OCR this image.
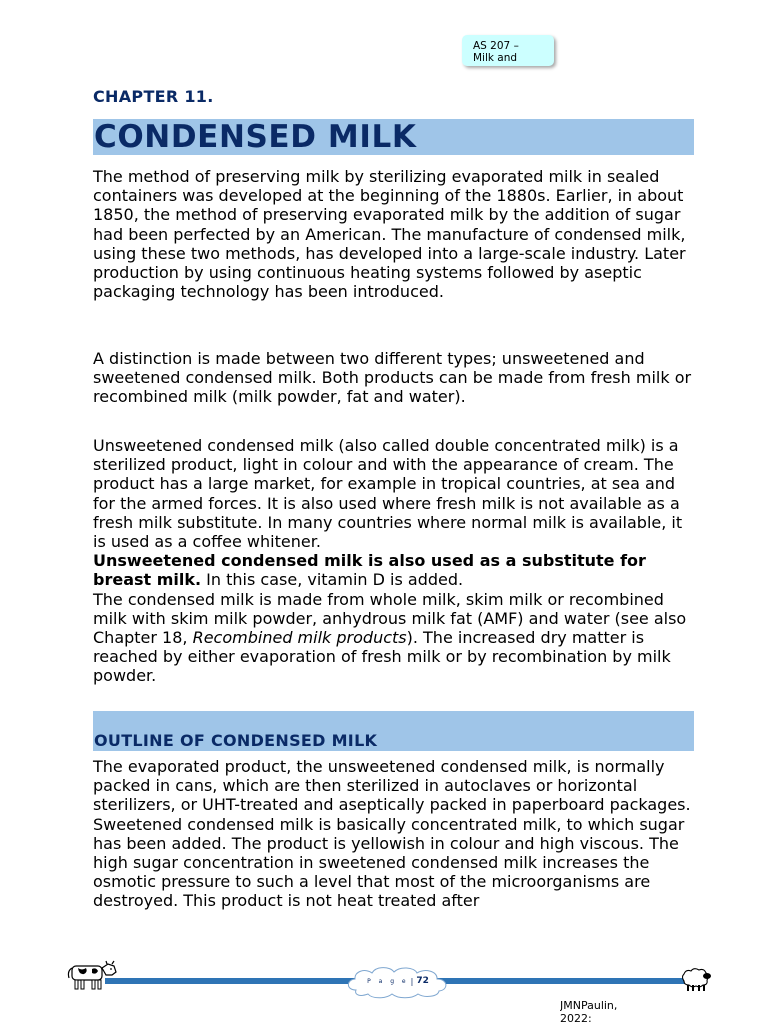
AS 207 –
Milk and
CHAPTER 11.
CONDENSED MILK

The method of preserving milk by sterilizing evaporated milk in sealed containers was developed at the beginning of the 1880s. Earlier, in about 1850, the method of preserving evaporated milk by the addition of sugar had been perfected by an American. The manufacture of condensed milk, using these two methods, has developed into a large-scale industry. Later production by using continuous heating systems followed by aseptic packaging technology has been introduced.

A distinction is made between two different types; unsweetened and sweetened condensed milk. Both products can be made from fresh milk or recombined milk (milk powder, fat and water).

Unsweetened condensed milk (also called double concentrated milk) is a sterilized product, light in colour and with the appearance of cream. The product has a large market, for example in tropical countries, at sea and for the armed forces. It is also used where fresh milk is not available as a fresh milk substitute. In many countries where normal milk is available, it is used as a coffee whitener.

Unsweetened condensed milk is also used as a substitute for breast milk. In this case, vitamin D is added.

The condensed milk is made from whole milk, skim milk or recombined milk with skim milk powder, anhydrous milk fat (AMF) and water (see also Chapter 18, Recombined milk products). The increased dry matter is reached by either evaporation of fresh milk or by recombination by milk powder.

OUTLINE OF CONDENSED MILK

The evaporated product, the unsweetened condensed milk, is normally packed in cans, which are then sterilized in autoclaves or horizontal sterilizers, or UHT-treated and aseptically packed in paperboard packages.

Sweetened condensed milk is basically concentrated milk, to which sugar has been added. The product is yellowish in colour and high viscous. The high sugar concentration in sweetened condensed milk increases the osmotic pressure to such a level that most of the microorganisms are destroyed. This product is not heat treated after

P a g e | 72
JMNPaulin,
2022:
